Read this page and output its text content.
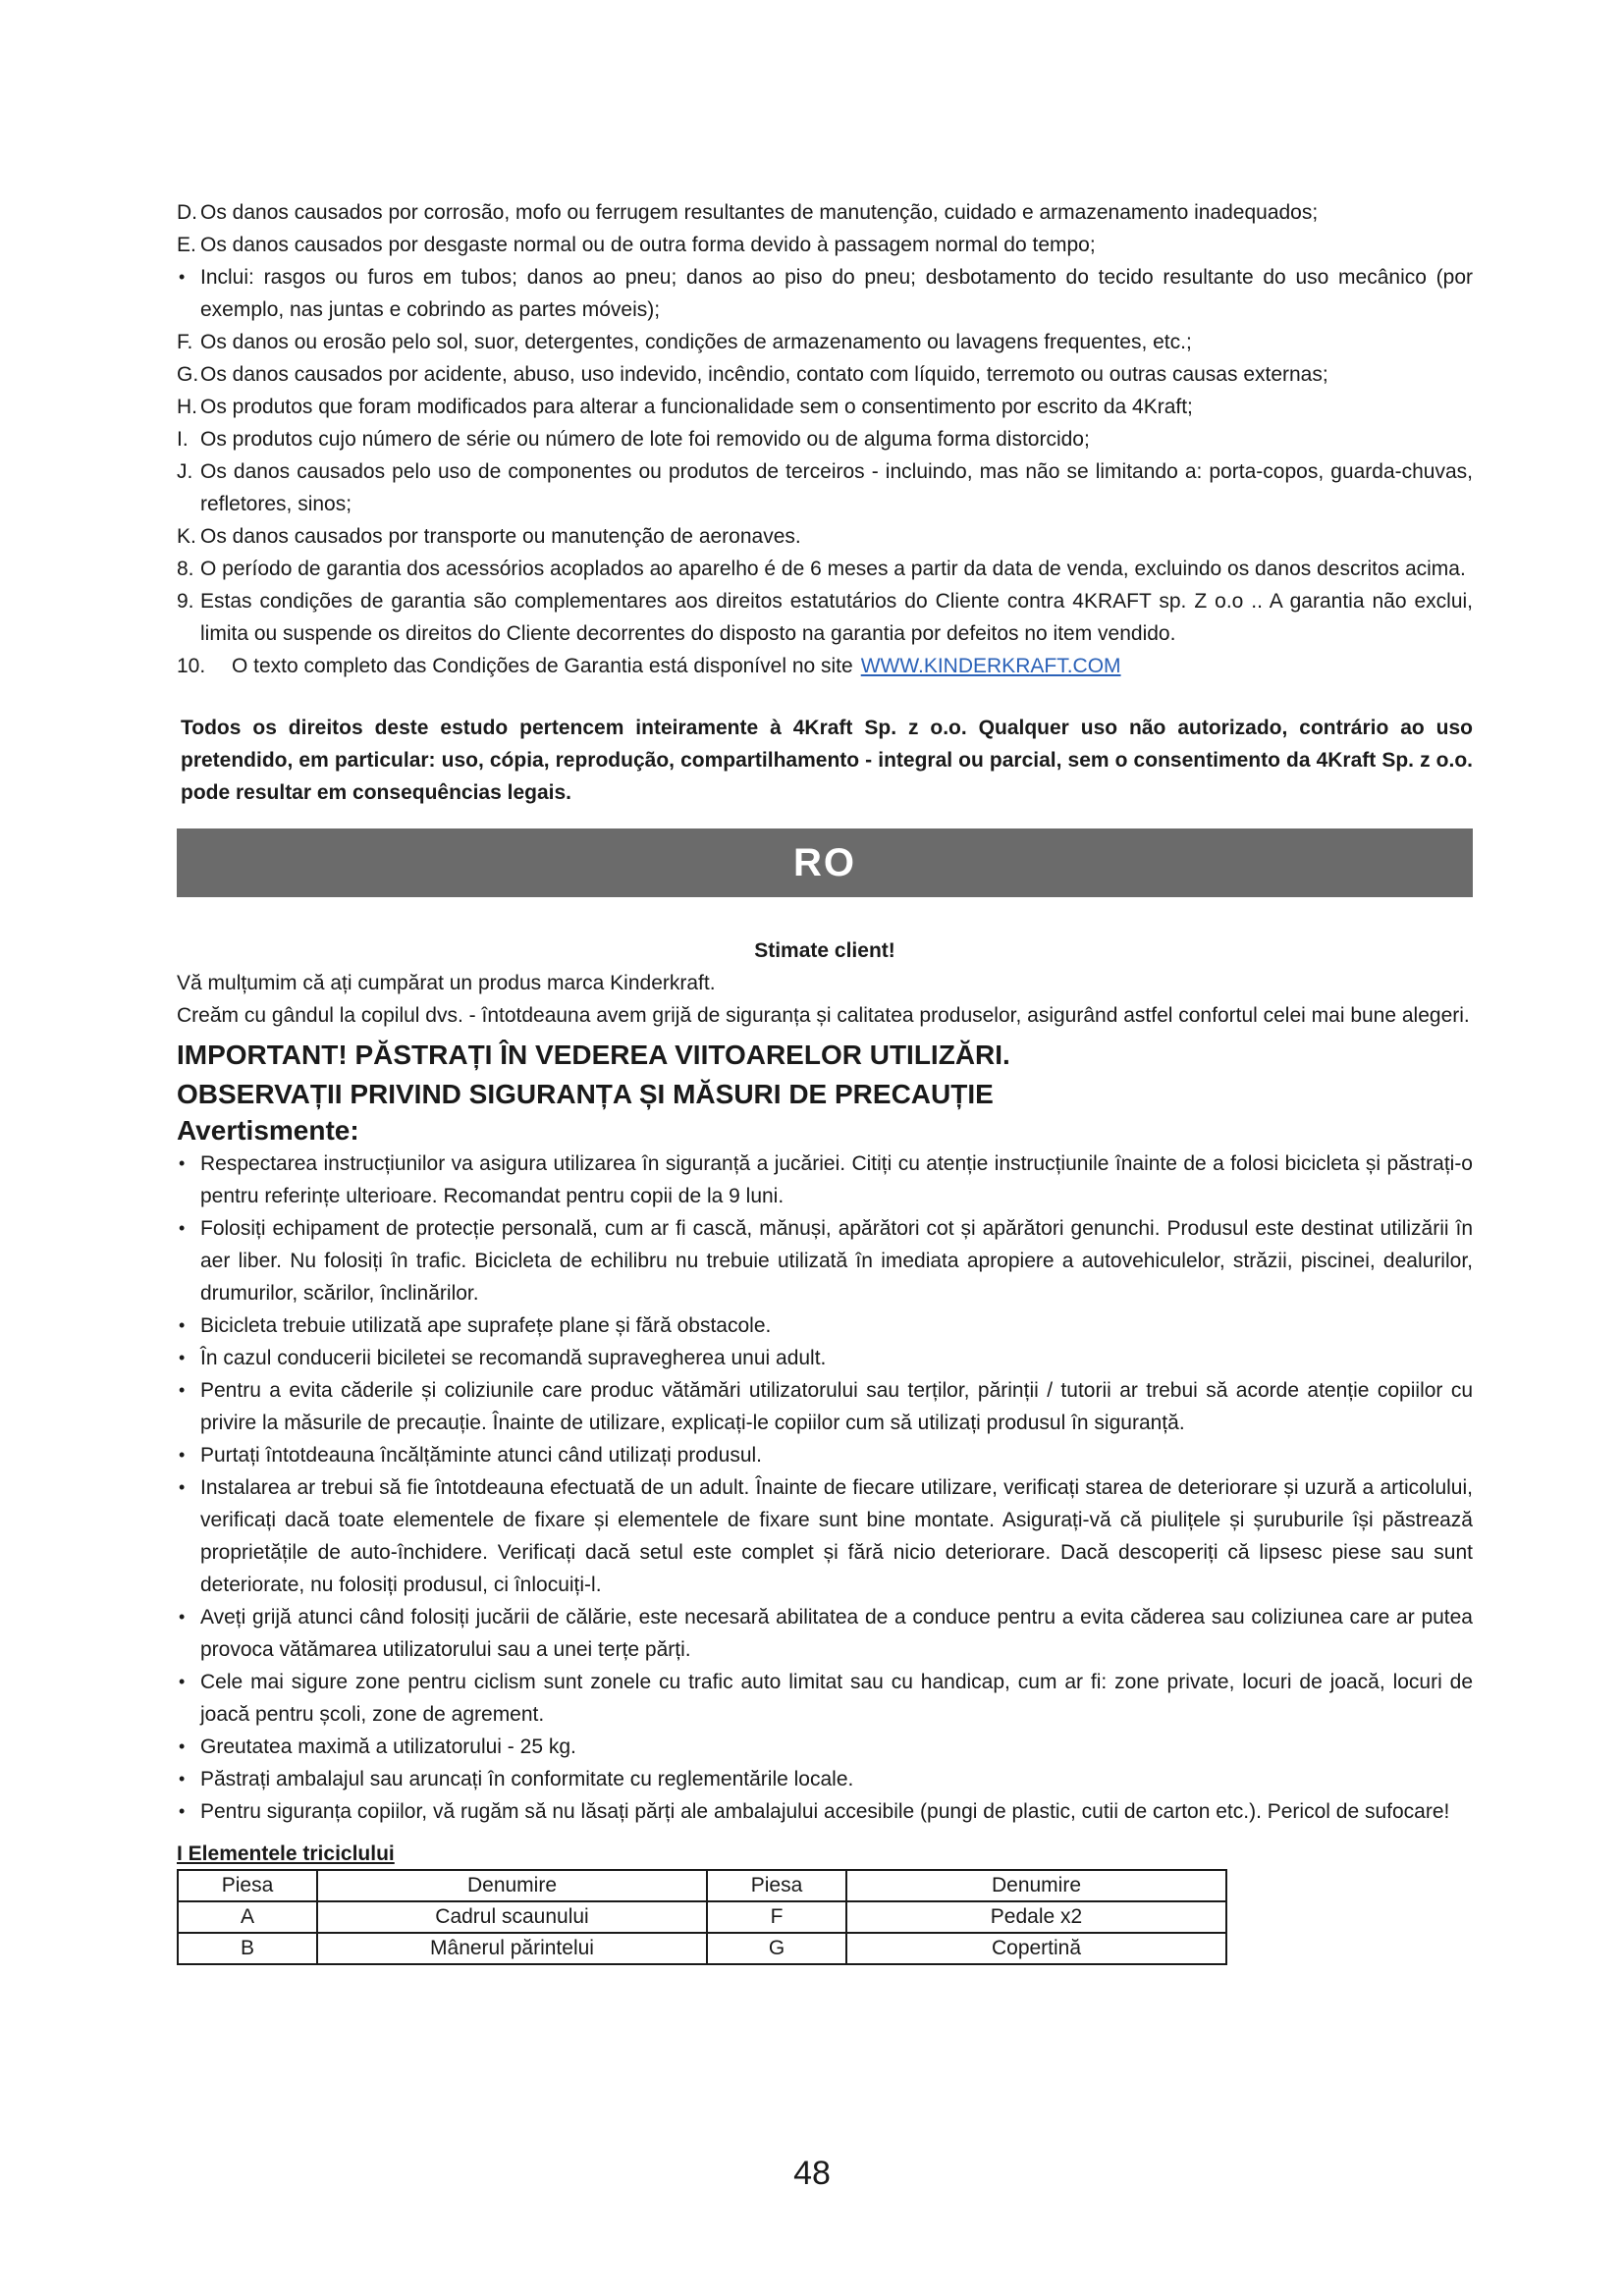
D. Os danos causados por corrosão, mofo ou ferrugem resultantes de manutenção, cuidado e armazenamento inadequados;
E. Os danos causados por desgaste normal ou de outra forma devido à passagem normal do tempo;
• Inclui: rasgos ou furos em tubos; danos ao pneu; danos ao piso do pneu; desbotamento do tecido resultante do uso mecânico (por exemplo, nas juntas e cobrindo as partes móveis);
F. Os danos ou erosão pelo sol, suor, detergentes, condições de armazenamento ou lavagens frequentes, etc.;
G. Os danos causados por acidente, abuso, uso indevido, incêndio, contato com líquido, terremoto ou outras causas externas;
H. Os produtos que foram modificados para alterar a funcionalidade sem o consentimento por escrito da 4Kraft;
I. Os produtos cujo número de série ou número de lote foi removido ou de alguma forma distorcido;
J. Os danos causados pelo uso de componentes ou produtos de terceiros - incluindo, mas não se limitando a: porta-copos, guarda-chuvas, refletores, sinos;
K. Os danos causados por transporte ou manutenção de aeronaves.
8. O período de garantia dos acessórios acoplados ao aparelho é de 6 meses a partir da data de venda, excluindo os danos descritos acima.
9. Estas condições de garantia são complementares aos direitos estatutários do Cliente contra 4KRAFT sp. Z o.o .. A garantia não exclui, limita ou suspende os direitos do Cliente decorrentes do disposto na garantia por defeitos no item vendido.
10. O texto completo das Condições de Garantia está disponível no site WWW.KINDERKRAFT.COM
Todos os direitos deste estudo pertencem inteiramente à 4Kraft Sp. z o.o. Qualquer uso não autorizado, contrário ao uso pretendido, em particular: uso, cópia, reprodução, compartilhamento - integral ou parcial, sem o consentimento da 4Kraft Sp. z o.o. pode resultar em consequências legais.
RO
Stimate client!
Vă mulțumim că ați cumpărat un produs marca Kinderkraft.
Creăm cu gândul la copilul dvs. - întotdeauna avem grijă de siguranța și calitatea produselor, asigurând astfel confortul celei mai bune alegeri.
IMPORTANT! PĂSTRAȚI ÎN VEDEREA VIITOARELOR UTILIZĂRI.
OBSERVAȚII PRIVIND SIGURANȚA ȘI MĂSURI DE PRECAUȚIE
Avertismente:
• Respectarea instrucțiunilor va asigura utilizarea în siguranță a jucăriei. Citiți cu atenție instrucțiunile înainte de a folosi bicicleta și păstrați-o pentru referințe ulterioare. Recomandat pentru copii de la 9 luni.
• Folosiți echipament de protecție personală, cum ar fi cască, mănuși, apărători cot și apărători genunchi. Produsul este destinat utilizării în aer liber. Nu folosiți în trafic. Bicicleta de echilibru nu trebuie utilizată în imediata apropiere a autovehiculelor, străzii, piscinei, dealurilor, drumurilor, scărilor, înclinărilor.
• Bicicleta trebuie utilizată ape suprafețe plane și fără obstacole.
• În cazul conducerii biciletei se recomandă supravegherea unui adult.
• Pentru a evita căderile și coliziunile care produc vătămări utilizatorului sau terților, părinții / tutorii ar trebui să acorde atenție copiilor cu privire la măsurile de precauție. Înainte de utilizare, explicați-le copiilor cum să utilizați produsul în siguranță.
• Purtați întotdeauna încălțăminte atunci când utilizați produsul.
• Instalarea ar trebui să fie întotdeauna efectuată de un adult. Înainte de fiecare utilizare, verificați starea de deteriorare și uzură a articolului, verificați dacă toate elementele de fixare și elementele de fixare sunt bine montate. Asigurați-vă că piulițele și șuruburile își păstrează proprietățile de auto-închidere. Verificați dacă setul este complet și fără nicio deteriorare. Dacă descoperiți că lipsesc piese sau sunt deteriorate, nu folosiți produsul, ci înlocuiți-l.
• Aveți grijă atunci când folosiți jucării de călărie, este necesară abilitatea de a conduce pentru a evita căderea sau coliziunea care ar putea provoca vătămarea utilizatorului sau a unei terțe părți.
• Cele mai sigure zone pentru ciclism sunt zonele cu trafic auto limitat sau cu handicap, cum ar fi: zone private, locuri de joacă, locuri de joacă pentru școli, zone de agrement.
• Greutatea maximă a utilizatorului - 25 kg.
• Păstrați ambalajul sau aruncați în conformitate cu reglementările locale.
• Pentru siguranța copiilor, vă rugăm să nu lăsați părți ale ambalajului accesibile (pungi de plastic, cutii de carton etc.). Pericol de sufocare!
I Elementele triciclului
Piesa	Denumire	Piesa	Denumire
A	Cadrul scaunului	F	Pedale x2
B	Mânerul părintelui	G	Copertină
48
